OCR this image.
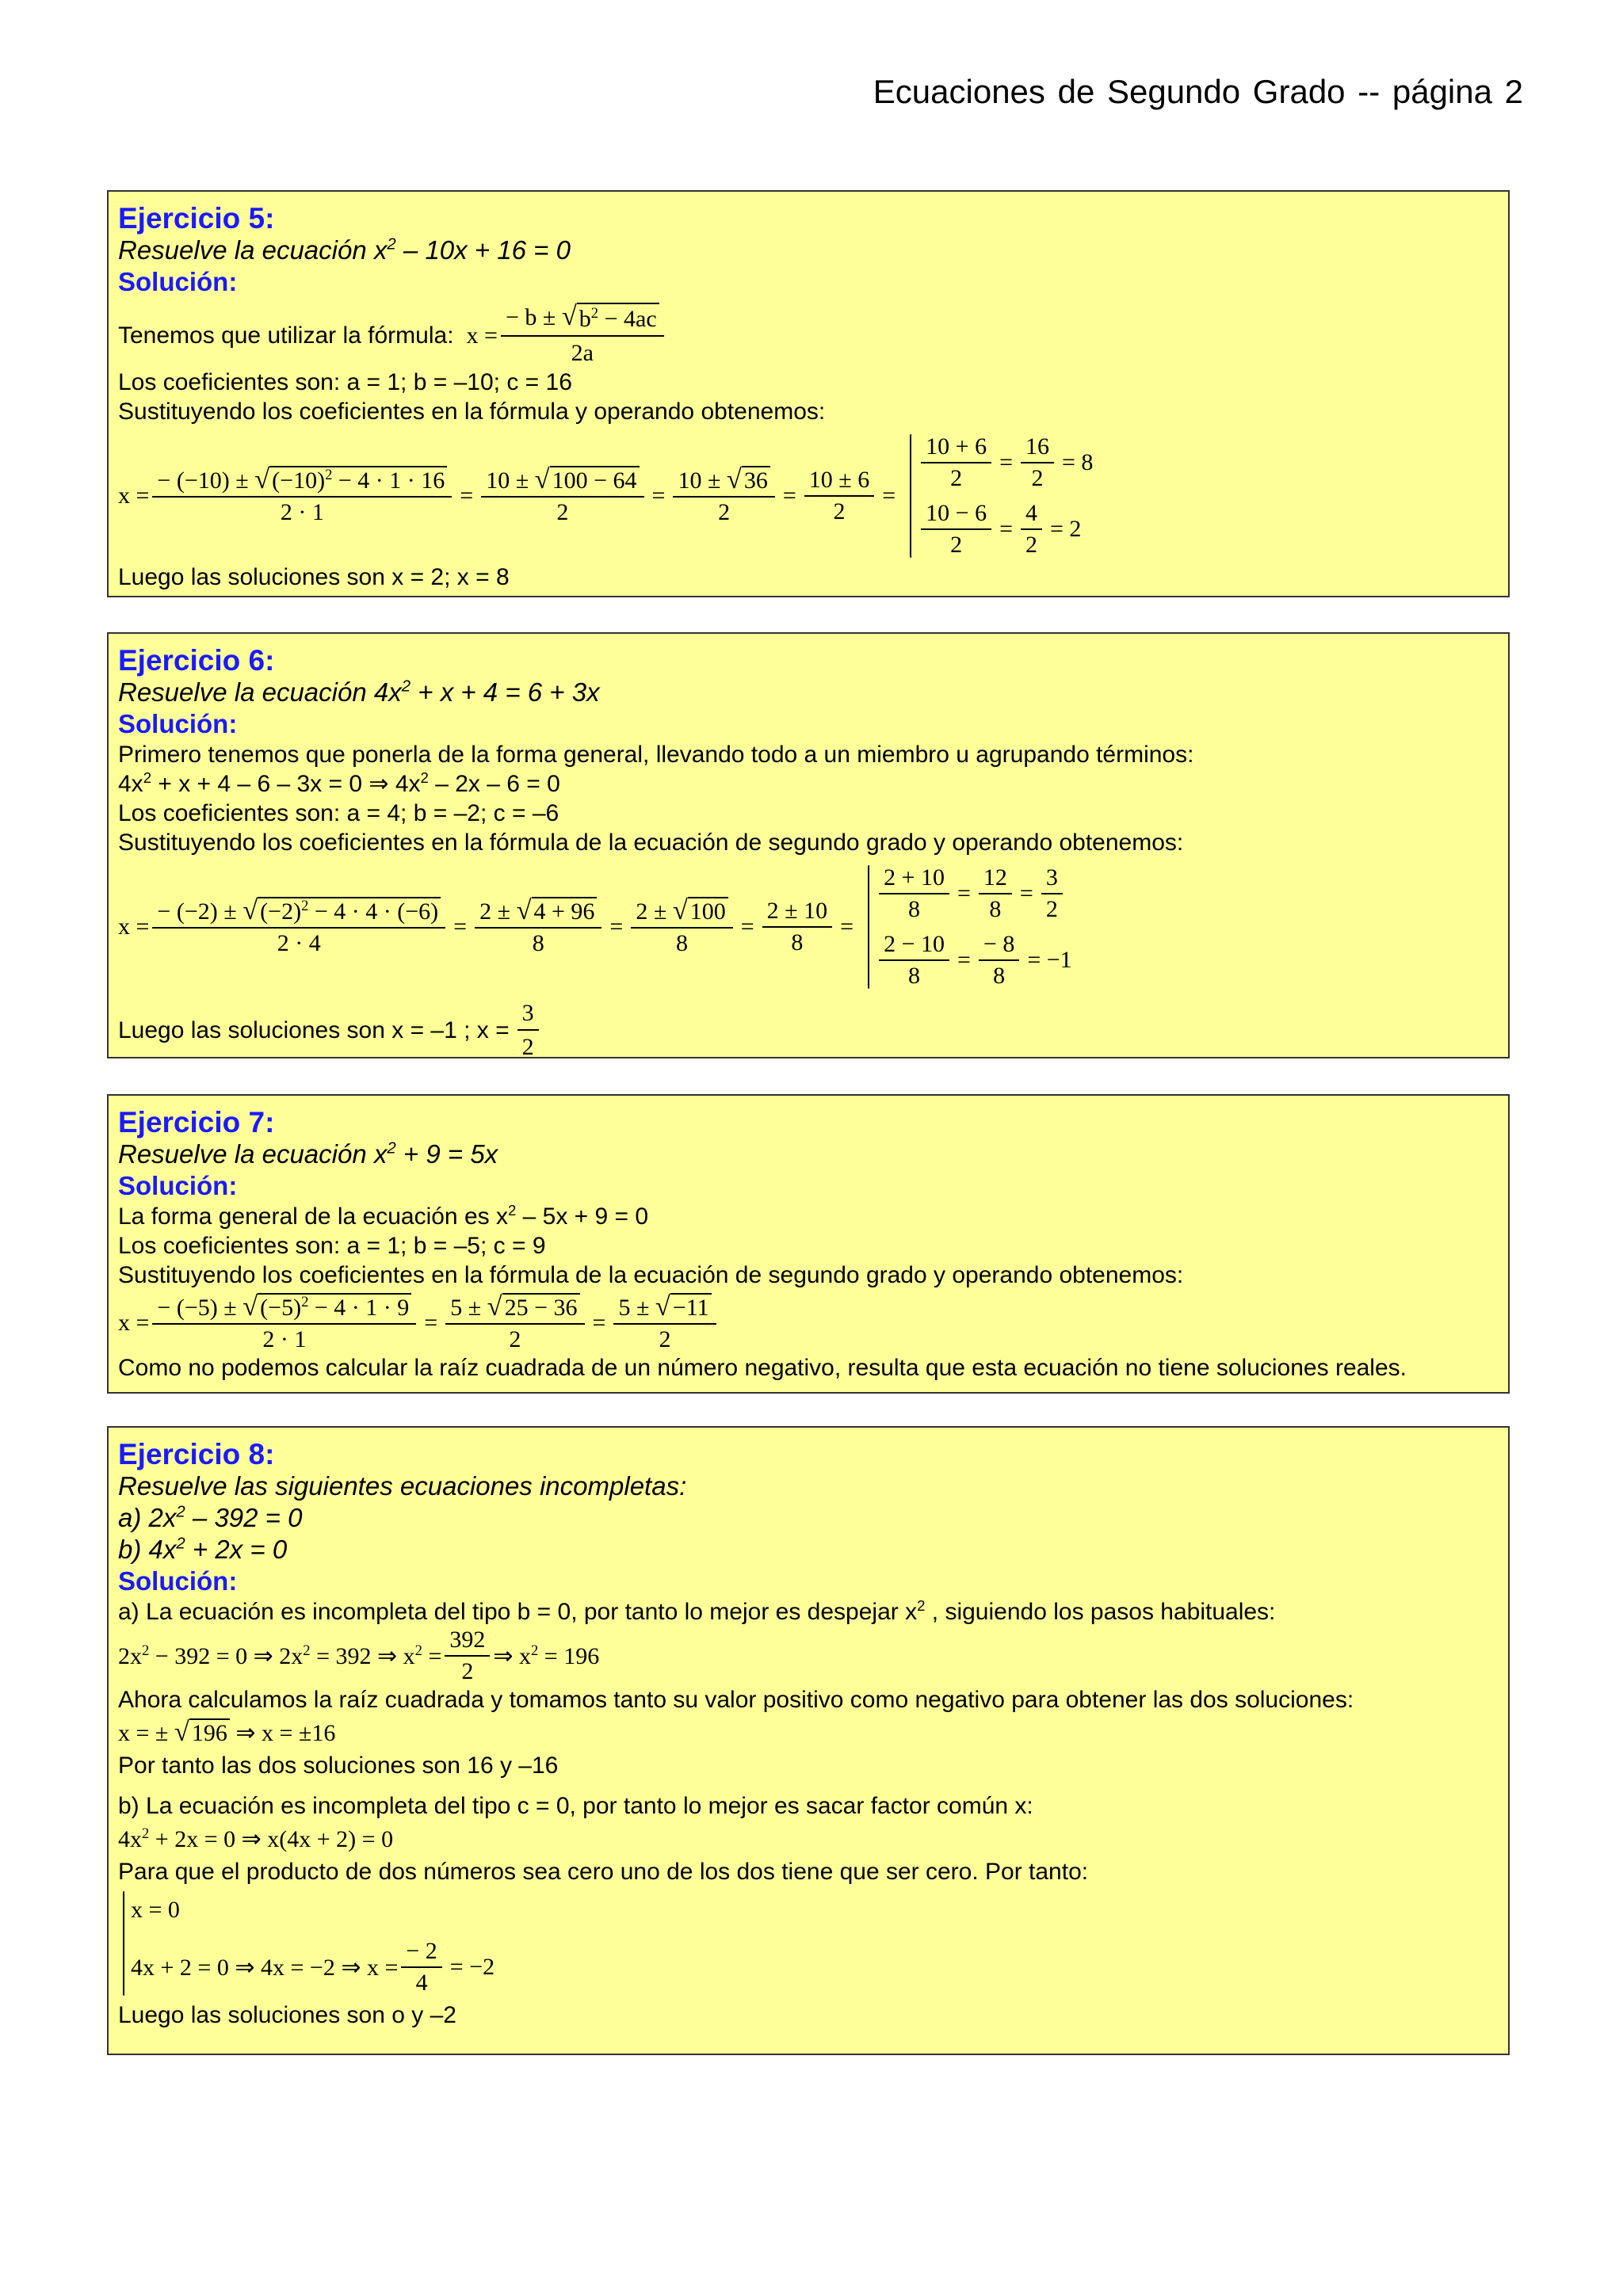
Ecuaciones de Segundo Grado -- página 2
Ejercicio 5:
Resuelve la ecuación $x^2 - 10x + 16 = 0$
Solución:
Tenemos que utilizar la fórmula: $x = \frac{- b \pm √ b^2 - 4ac}{2a}$
Los coeficientes son: a = 1; b = –10; c = 16
Sustituyendo los coeficientes en la fórmula y operando obtenemos:
$x = \frac{- (-10) \pm √ (-10)^2 - 4 \cdot 1 \cdot 16}{2 \cdot 1} = \frac{10 \pm √ 100 - 64}{2} = \frac{10 \pm √ 36}{2} = \frac{10 \pm 6}{2}$ =
$\frac{10 + 6}{2} = \frac{16}{2} = 8$
$\frac{10 - 6}{2} = \frac{4}{2} = 2$
Luego las soluciones son x = 2; x = 8
Ejercicio 6:
Resuelve la ecuación $4x^2 + x + 4 = 6 + 3x$
Solución:
Primero tenemos que ponerla de la forma general, llevando todo a un miembro u agrupando términos:
$4x^2 + x + 4 - 6 - 3x = 0$ ⇒ $4x^2 - 2x - 6 = 0$
Los coeficientes son: a = 4; b = –2; c = –6
Sustituyendo los coeficientes en la fórmula de la ecuación de segundo grado y operando obtenemos:
$x = \frac{- (-2) \pm √ (-2)^2 - 4 \cdot 4 \cdot (-6)}{2 \cdot 4} = \frac{2 \pm √ 4 + 96}{8} = \frac{2 \pm √ 100}{8} = \frac{2 \pm 10}{8}$ =
$\frac{2 + 10}{8} = \frac{12}{8} = \frac{3}{2}$
$\frac{2 - 10}{8} = \frac{- 8}{8} = -1$
Luego las soluciones son x = –1 ; $x = \frac{3}{2}$
Ejercicio 7:
Resuelve la ecuación $x^2 + 9 = 5x$
Solución:
La forma general de la ecuación es $x^2 - 5x + 9 = 0$
Los coeficientes son: a = 1; b = –5; c = 9
Sustituyendo los coeficientes en la fórmula de la ecuación de segundo grado y operando obtenemos:
$x = \frac{- (-5) \pm √ (-5)^2 - 4 \cdot 1 \cdot 9}{2 \cdot 1} = \frac{5 \pm √ 25 - 36}{2} = \frac{5 \pm √ -11}{2}$
Como no podemos calcular la raíz cuadrada de un número negativo, resulta que esta ecuación no tiene soluciones reales.
Ejercicio 8:
Resuelve las siguientes ecuaciones incompletas:
a) $2x^2 - 392 = 0$
b) $4x^2 + 2x = 0$
Solución:
a) La ecuación es incompleta del tipo b = 0, por tanto lo mejor es despejar $x^2$ , siguiendo los pasos habituales:
$2x^2 - 392 = 0$ ⇒ $2x^2 = 392$ ⇒ $x^2 = \frac{392}{2}$ ⇒ $x^2 = 196$
Ahora calculamos la raíz cuadrada y tomamos tanto su valor positivo como negativo para obtener las dos soluciones:
x = ± √ 196 ⇒ x = ±16
Por tanto las dos soluciones son 16 y –16
b) La ecuación es incompleta del tipo c = 0, por tanto lo mejor es sacar factor común x:
$4x^2 + 2x = 0$ ⇒ x(4x + 2) = 0
Para que el producto de dos números sea cero uno de los dos tiene que ser cero. Por tanto:
x = 0
4x + 2 = 0 ⇒ 4x = −2 ⇒ $x = \frac{- 2}{4} = -2$
Luego las soluciones son o y –2
